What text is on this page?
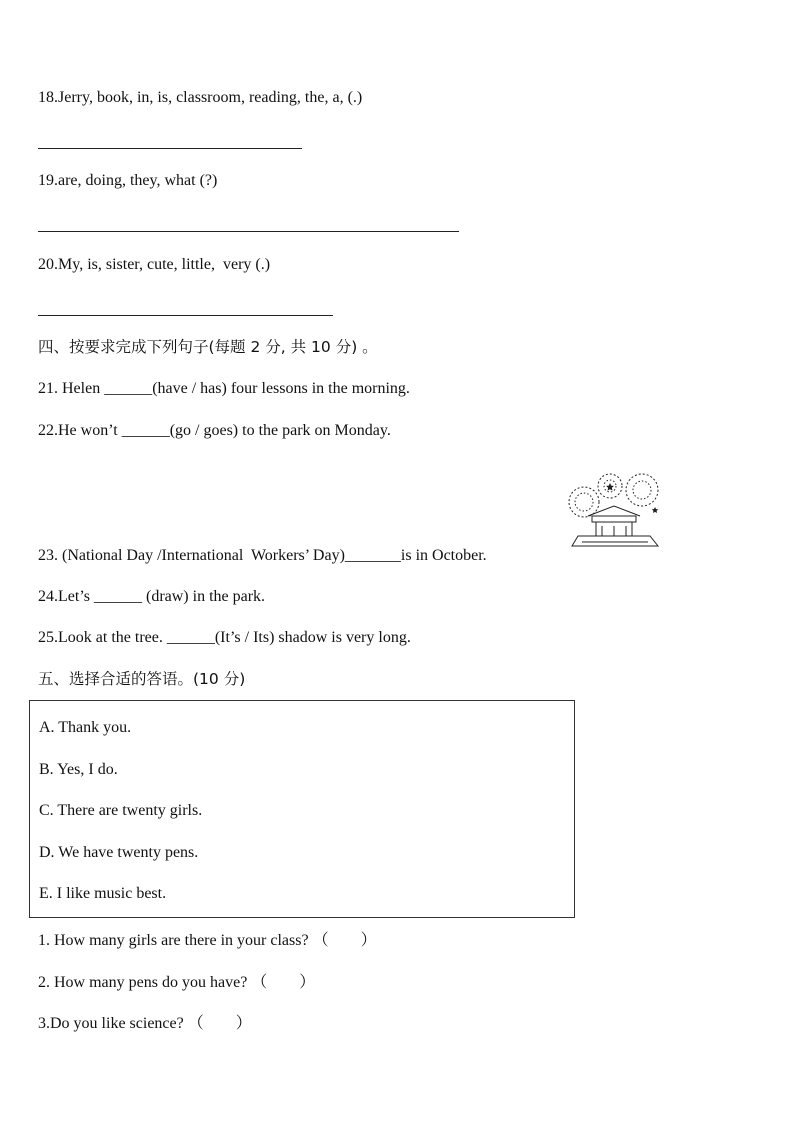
18.Jerry, book, in, is, classroom, reading, the, a, (.)
19.are, doing, they, what (?)
20.My, is, sister, cute, little,  very (.)
四、按要求完成下列句子(每题 2 分, 共 10 分) 。
21. Helen ______(have / has) four lessons in the morning.
22.He won’t ______(go / goes) to the park on Monday.
23. (National Day /International  Workers’ Day)_______is in October.
24.Let’s ______ (draw) in the park.
25.Look at the tree. ______(It’s / Its) shadow is very long.
五、选择合适的答语。(10 分)
A. Thank you.
B. Yes, I do.
C. There are twenty girls.
D. We have twenty pens.
E. I like music best.
1. How many girls are there in your class? （        ）
2. How many pens do you have? （        ）
3.Do you like science? （        ）
